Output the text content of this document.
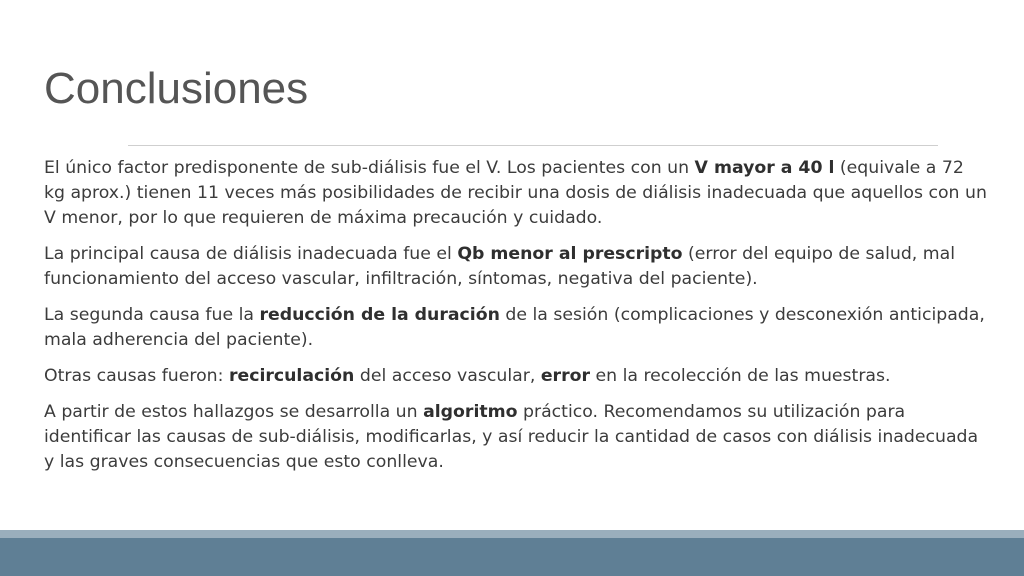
Conclusiones

El único factor predisponente de sub-diálisis fue el V. Los pacientes con un V mayor a 40 l (equivale a 72 kg aprox.) tienen 11 veces más posibilidades de recibir una dosis de diálisis inadecuada que aquellos con un V menor, por lo que requieren de máxima precaución y cuidado.

La principal causa de diálisis inadecuada fue el Qb menor al prescripto (error del equipo de salud, mal funcionamiento del acceso vascular, infiltración, síntomas, negativa del paciente).

La segunda causa fue la reducción de la duración de la sesión (complicaciones y desconexión anticipada, mala adherencia del paciente).

Otras causas fueron: recirculación del acceso vascular, error en la recolección de las muestras.

A partir de estos hallazgos se desarrolla un algoritmo práctico. Recomendamos su utilización para identificar las causas de sub-diálisis, modificarlas, y así reducir la cantidad de casos con diálisis inadecuada y las graves consecuencias que esto conlleva.
